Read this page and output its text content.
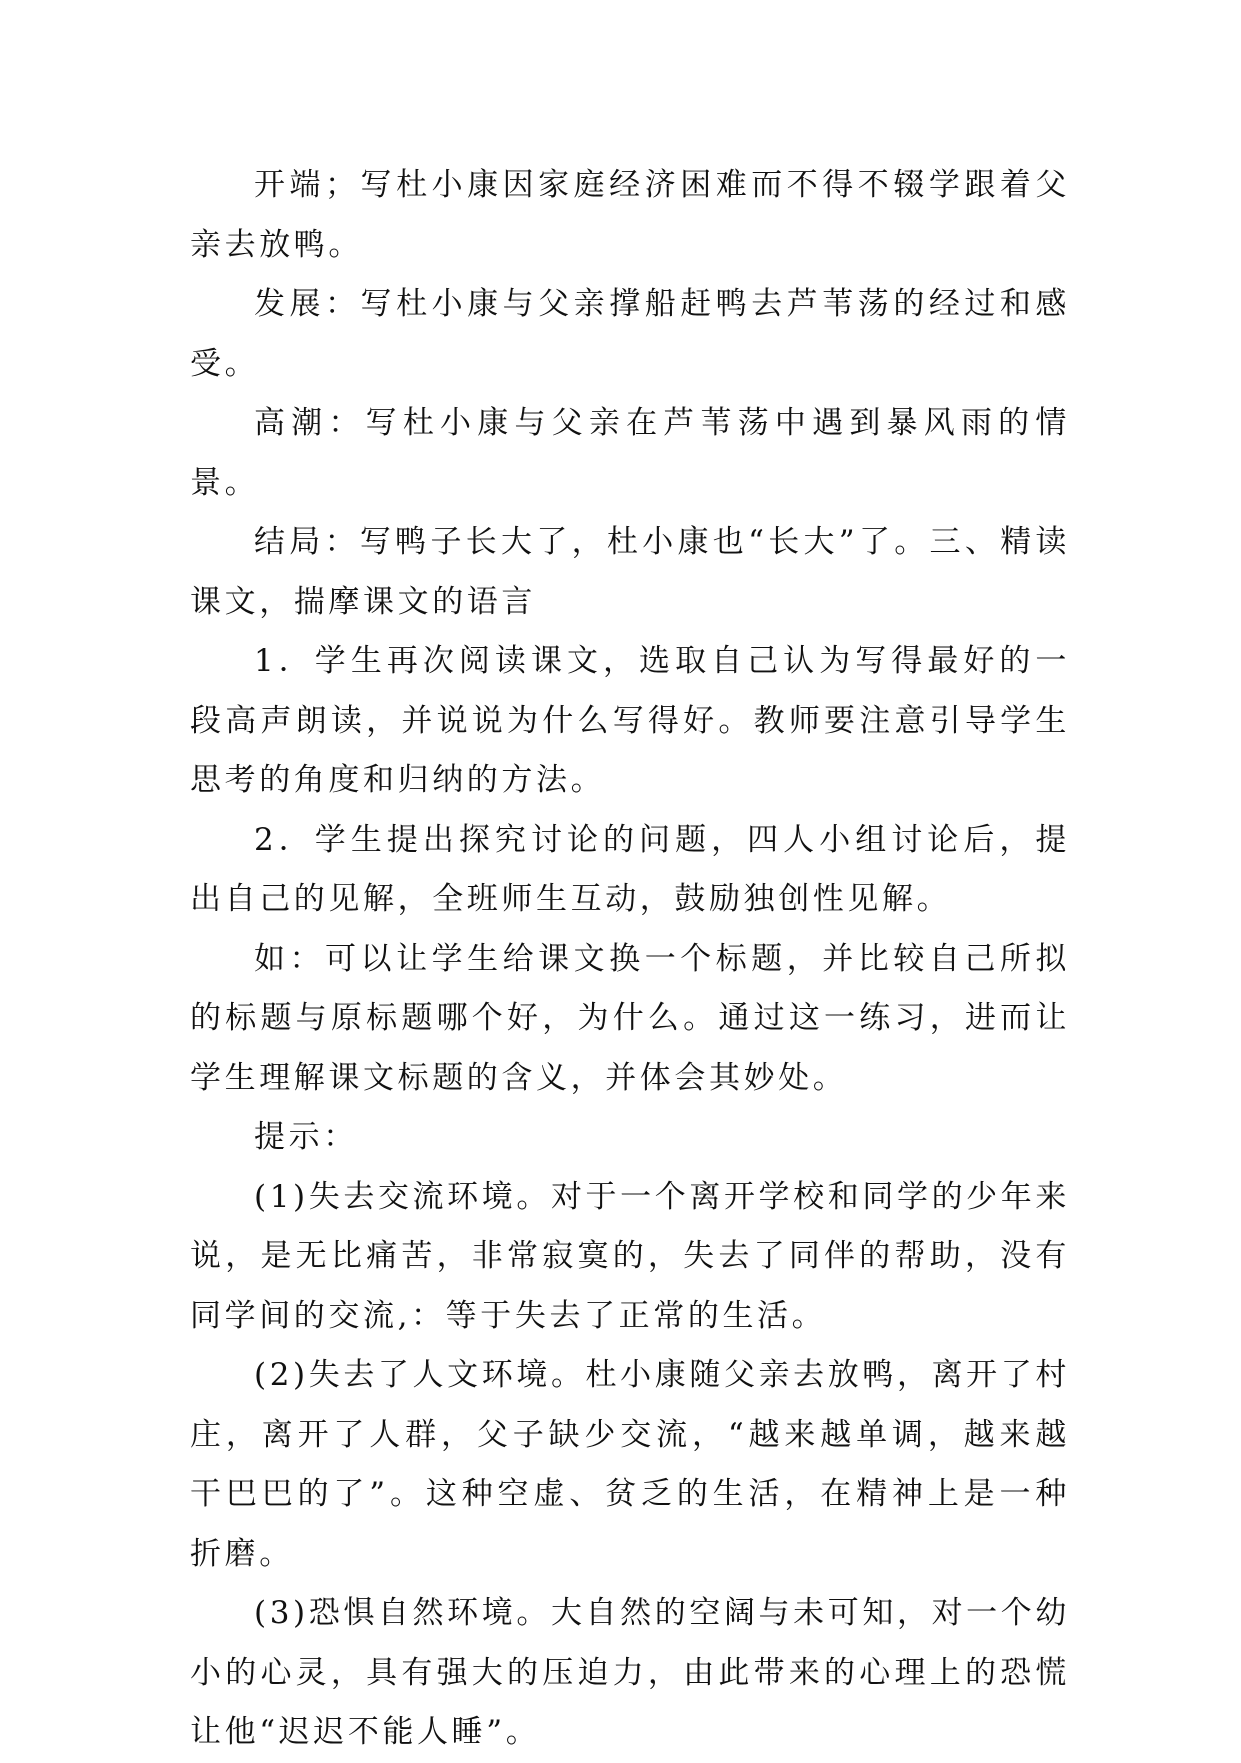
开端；写杜小康因家庭经济困难而不得不辍学跟着父亲去放鸭。

发展：写杜小康与父亲撑船赶鸭去芦苇荡的经过和感受。

高潮：写杜小康与父亲在芦苇荡中遇到暴风雨的情景。

结局：写鸭子长大了，杜小康也“长大”了。三、精读课文，揣摩课文的语言

1．学生再次阅读课文，选取自己认为写得最好的一段高声朗读，并说说为什么写得好。教师要注意引导学生思考的角度和归纳的方法。

2．学生提出探究讨论的问题，四人小组讨论后，提出自己的见解，全班师生互动，鼓励独创性见解。

如：可以让学生给课文换一个标题，并比较自己所拟的标题与原标题哪个好，为什么。通过这一练习，进而让学生理解课文标题的含义，并体会其妙处。

提示：

(1)失去交流环境。对于一个离开学校和同学的少年来说，是无比痛苦，非常寂寞的，失去了同伴的帮助，没有同学间的交流,：等于失去了正常的生活。

(2)失去了人文环境。杜小康随父亲去放鸭，离开了村庄，离开了人群，父子缺少交流，“越来越单调，越来越干巴巴的了”。这种空虚、贫乏的生活，在精神上是一种折磨。

(3)恐惧自然环境。大自然的空阔与未可知，对一个幼小的心灵，具有强大的压迫力，由此带来的心理上的恐慌让他“迟迟不能人睡”。
